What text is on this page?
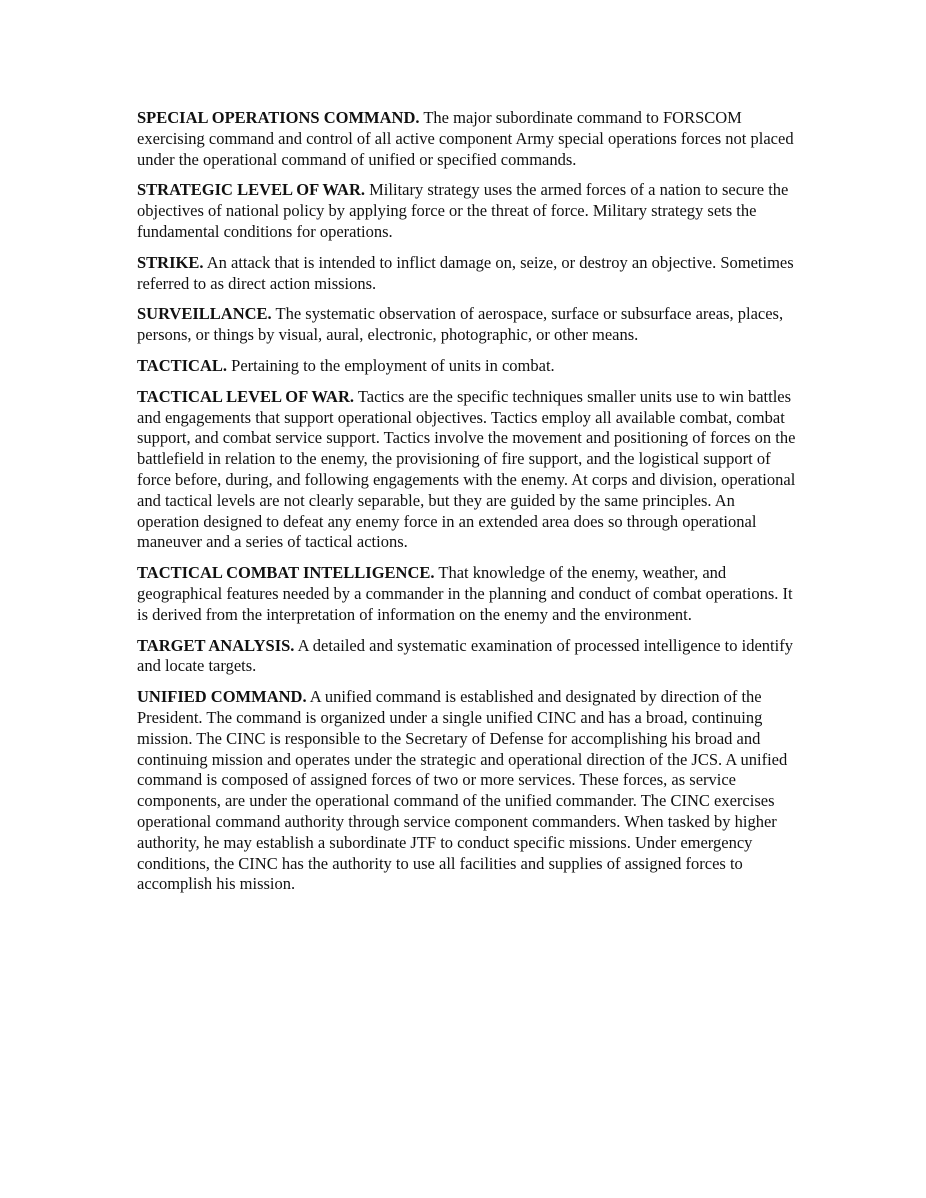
SPECIAL OPERATIONS COMMAND. The major subordinate command to FORSCOM exercising command and control of all active component Army special operations forces not placed under the operational command of unified or specified commands.

STRATEGIC LEVEL OF WAR. Military strategy uses the armed forces of a nation to secure the objectives of national policy by applying force or the threat of force. Military strategy sets the fundamental conditions for operations.

STRIKE. An attack that is intended to inflict damage on, seize, or destroy an objective. Sometimes referred to as direct action missions.

SURVEILLANCE. The systematic observation of aerospace, surface or subsurface areas, places, persons, or things by visual, aural, electronic, photographic, or other means.

TACTICAL. Pertaining to the employment of units in combat.

TACTICAL LEVEL OF WAR. Tactics are the specific techniques smaller units use to win battles and engagements that support operational objectives. Tactics employ all available combat, combat support, and combat service support. Tactics involve the movement and positioning of forces on the battlefield in relation to the enemy, the provisioning of fire support, and the logistical support of force before, during, and following engagements with the enemy. At corps and division, operational and tactical levels are not clearly separable, but they are guided by the same principles. An operation designed to defeat any enemy force in an extended area does so through operational maneuver and a series of tactical actions.

TACTICAL COMBAT INTELLIGENCE. That knowledge of the enemy, weather, and geographical features needed by a commander in the planning and conduct of combat operations. It is derived from the interpretation of information on the enemy and the environment.

TARGET ANALYSIS. A detailed and systematic examination of processed intelligence to identify and locate targets.

UNIFIED COMMAND. A unified command is established and designated by direction of the President. The command is organized under a single unified CINC and has a broad, continuing mission. The CINC is responsible to the Secretary of Defense for accomplishing his broad and continuing mission and operates under the strategic and operational direction of the JCS. A unified command is composed of assigned forces of two or more services. These forces, as service components, are under the operational command of the unified commander. The CINC exercises operational command authority through service component commanders. When tasked by higher authority, he may establish a subordinate JTF to conduct specific missions. Under emergency conditions, the CINC has the authority to use all facilities and supplies of assigned forces to accomplish his mission.
